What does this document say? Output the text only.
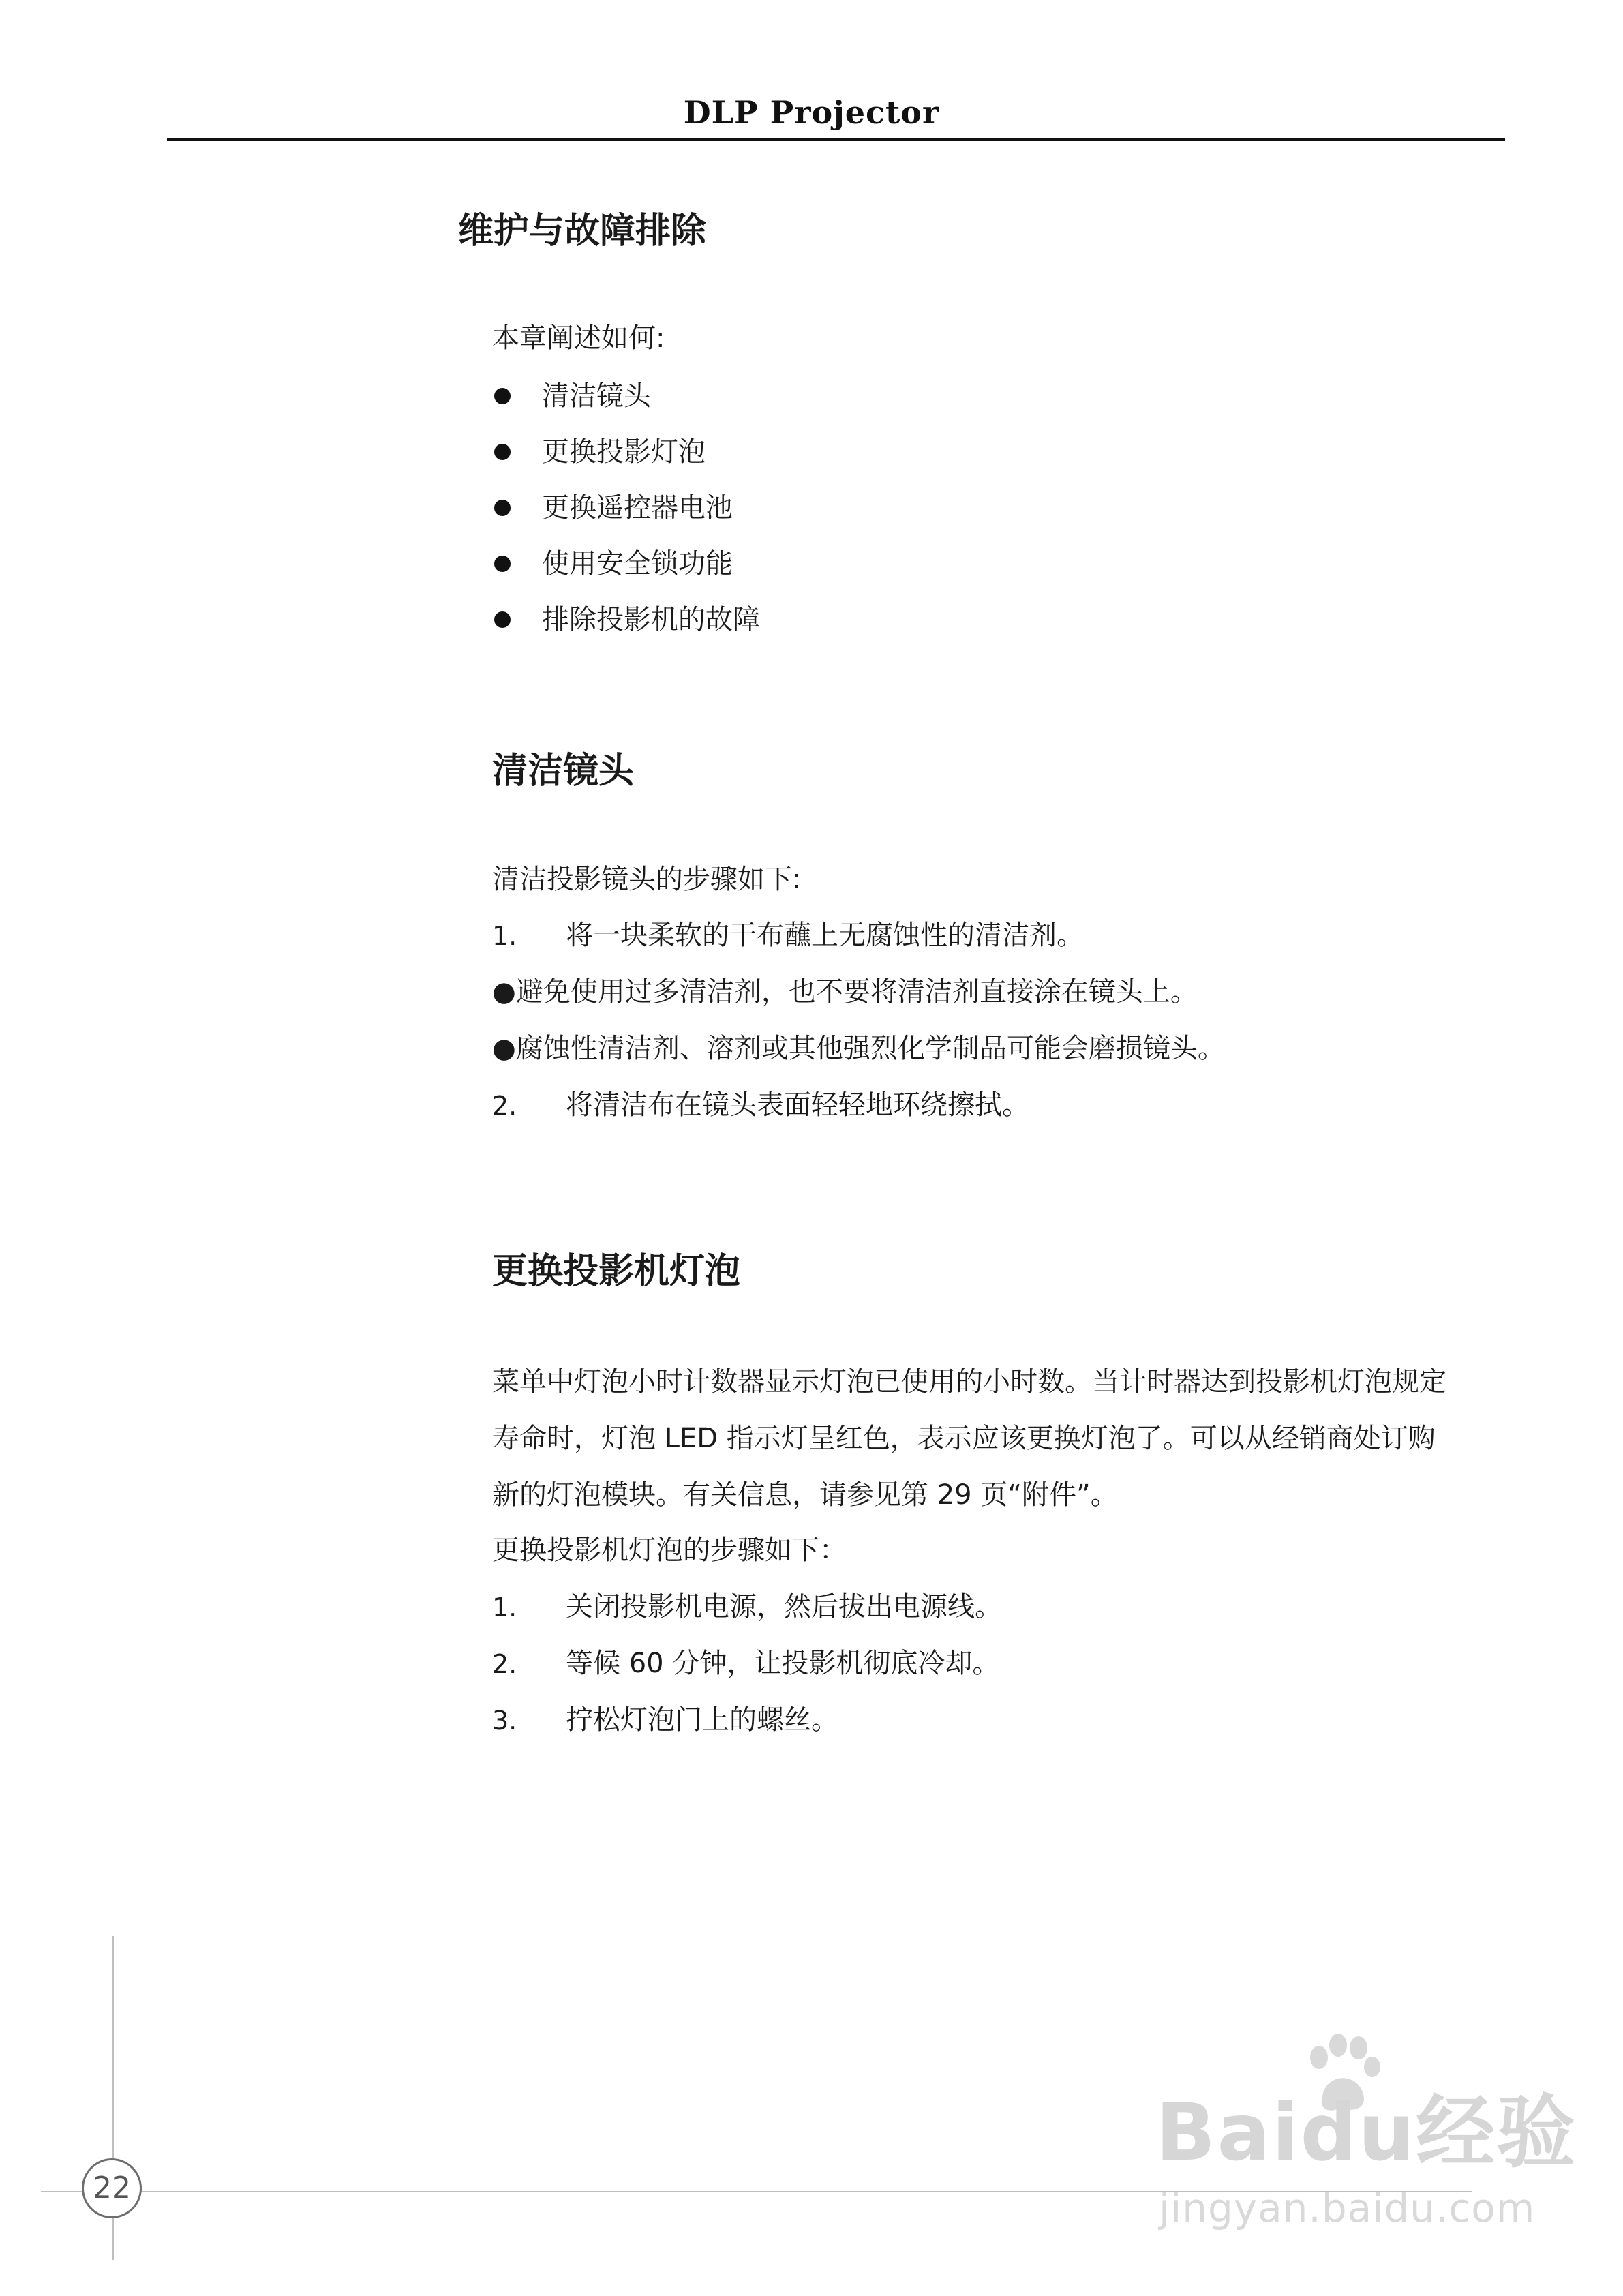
DLP Projector
维护与故障排除
本章阐述如何:
清洁镜头
更换投影灯泡
更换遥控器电池
使用安全锁功能
排除投影机的故障
清洁镜头
清洁投影镜头的步骤如下:
1. 将一块柔软的干布蘸上无腐蚀性的清洁剂。
●避免使用过多清洁剂，也不要将清洁剂直接涂在镜头上。
●腐蚀性清洁剂、溶剂或其他强烈化学制品可能会磨损镜头。
2. 将清洁布在镜头表面轻轻地环绕擦拭。
更换投影机灯泡
菜单中灯泡小时计数器显示灯泡已使用的小时数。当计时器达到投影机灯泡规定
寿命时，灯泡 LED 指示灯呈红色，表示应该更换灯泡了。可以从经销商处订购
新的灯泡模块。有关信息，请参见第 29 页“附件”。
更换投影机灯泡的步骤如下：
1. 关闭投影机电源，然后拔出电源线。
2. 等候 60 分钟，让投影机彻底冷却。
3. 拧松灯泡门上的螺丝。
22
Baidu经验
jingyan.baidu.com
